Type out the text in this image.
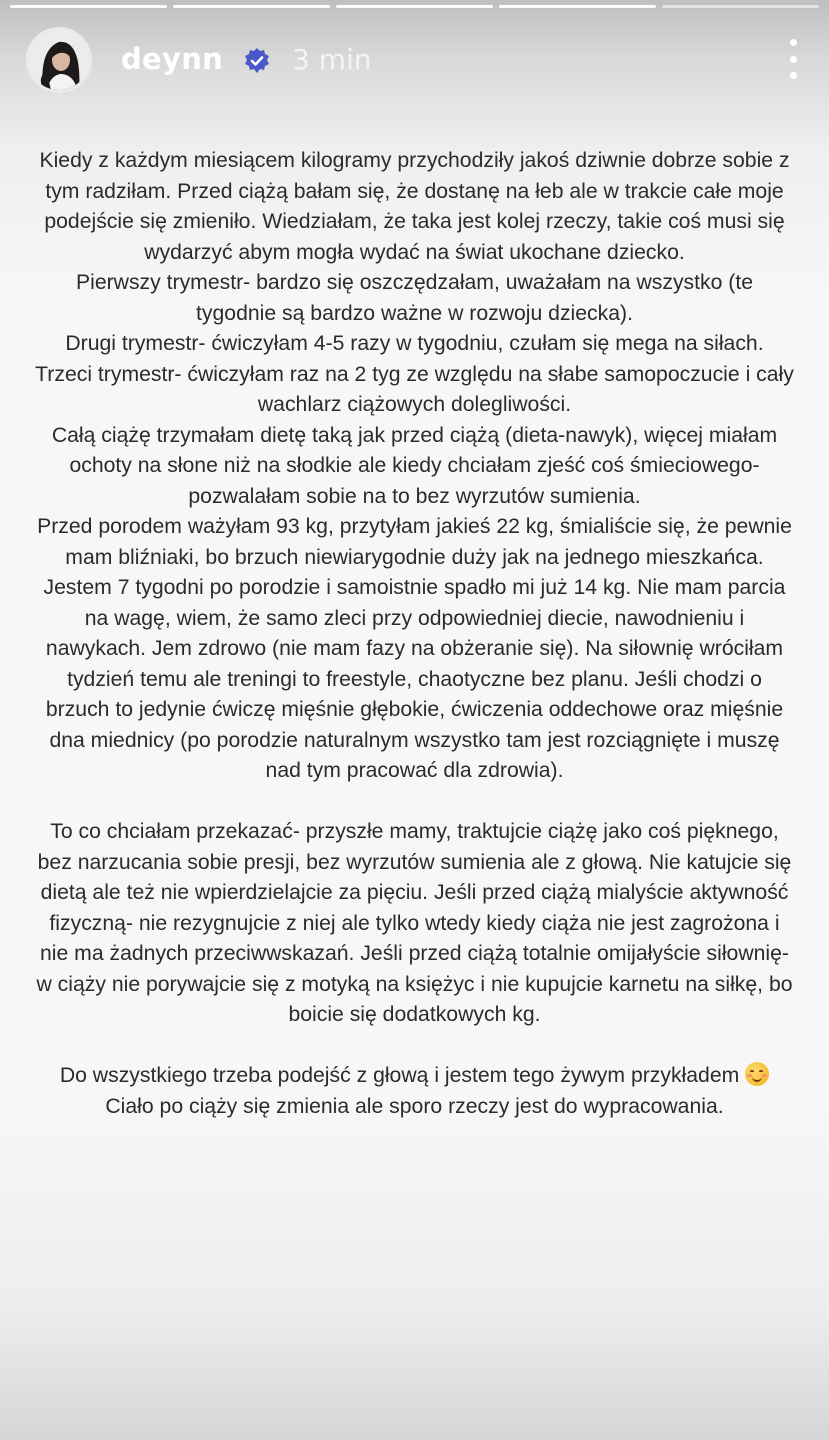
deynn 3 min

Kiedy z każdym miesiącem kilogramy przychodziły jakoś dziwnie dobrze sobie z tym radziłam. Przed ciążą bałam się, że dostanę na łeb ale w trakcie całe moje podejście się zmieniło. Wiedziałam, że taka jest kolej rzeczy, takie coś musi się wydarzyć abym mogła wydać na świat ukochane dziecko.

Pierwszy trymestr- bardzo się oszczędzałam, uważałam na wszystko (te tygodnie są bardzo ważne w rozwoju dziecka).

Drugi trymestr- ćwiczyłam 4-5 razy w tygodniu, czułam się mega na siłach.

Trzeci trymestr- ćwiczyłam raz na 2 tyg ze względu na słabe samopoczucie i cały wachlarz ciążowych dolegliwości.

Całą ciążę trzymałam dietę taką jak przed ciążą (dieta-nawyk), więcej miałam ochoty na słone niż na słodkie ale kiedy chciałam zjeść coś śmieciowego- pozwalałam sobie na to bez wyrzutów sumienia.

Przed porodem ważyłam 93 kg, przytyłam jakieś 22 kg, śmialiście się, że pewnie mam bliźniaki, bo brzuch niewiarygodnie duży jak na jednego mieszkańca.

Jestem 7 tygodni po porodzie i samoistnie spadło mi już 14 kg. Nie mam parcia na wagę, wiem, że samo zleci przy odpowiedniej diecie, nawodnieniu i nawykach. Jem zdrowo (nie mam fazy na obżeranie się). Na siłownię wróciłam tydzień temu ale treningi to freestyle, chaotyczne bez planu. Jeśli chodzi o brzuch to jedynie ćwiczę mięśnie głębokie, ćwiczenia oddechowe oraz mięśnie dna miednicy (po porodzie naturalnym wszystko tam jest rozciągnięte i muszę nad tym pracować dla zdrowia).

To co chciałam przekazać- przyszłe mamy, traktujcie ciążę jako coś pięknego, bez narzucania sobie presji, bez wyrzutów sumienia ale z głową. Nie katujcie się dietą ale też nie wpierdzielajcie za pięciu. Jeśli przed ciążą mialyście aktywność fizyczną- nie rezygnujcie z niej ale tylko wtedy kiedy ciąża nie jest zagrożona i nie ma żadnych przeciwwskazań. Jeśli przed ciążą totalnie omijałyście siłownię- w ciąży nie porywajcie się z motyką na księżyc i nie kupujcie karnetu na siłkę, bo boicie się dodatkowych kg.

Do wszystkiego trzeba podejść z głową i jestem tego żywym przykładem
Ciało po ciąży się zmienia ale sporo rzeczy jest do wypracowania.
